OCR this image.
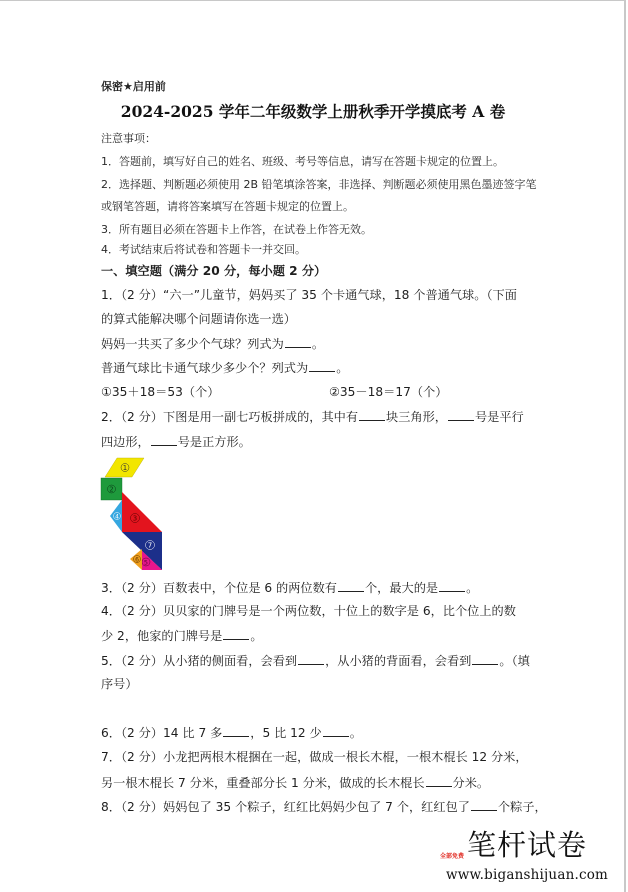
保密★启用前
2024-2025 学年二年级数学上册秋季开学摸底考 A 卷
注意事项：
1．答题前，填写好自己的姓名、班级、考号等信息，请写在答题卡规定的位置上。
2．选择题、判断题必须使用 2B 铅笔填涂答案，非选择、判断题必须使用黑色墨迹签字笔
或钢笔答题，请将答案填写在答题卡规定的位置上。
3．所有题目必须在答题卡上作答，在试卷上作答无效。
4．考试结束后将试卷和答题卡一并交回。
一、填空题（满分 20 分，每小题 2 分）
1．（2 分）“六一”儿童节，妈妈买了 35 个卡通气球，18 个普通气球。（下面
的算式能解决哪个问题请你选一选）
妈妈一共买了多少个气球？列式为 。
普通气球比卡通气球少多少个？列式为 。
①35＋18＝53（个）	②35－18＝17（个）
2．（2 分）下图是用一副七巧板拼成的，其中有 块三角形， 号是平行
四边形， 号是正方形。
1
2
3
4
7
5
6
3．（2 分）百数表中，个位是 6 的两位数有 个，最大的是 。
4．（2 分）贝贝家的门牌号是一个两位数，十位上的数字是 6，比个位上的数
少 2，他家的门牌号是 。
5．（2 分）从小猪的侧面看，会看到 ，从小猪的背面看，会看到 。（填
序号）
6．（2 分）14 比 7 多 ，5 比 12 少 。
7．（2 分）小龙把两根木棍捆在一起，做成一根长木棍，一根木棍长 12 分米，
另一根木棍长 7 分米，重叠部分长 1 分米，做成的长木棍长 分米。
8．（2 分）妈妈包了 35 个粽子，红红比妈妈少包了 7 个，红红包了 个粽子，
笔杆试卷
全部免费
www.biganshijuan.com
